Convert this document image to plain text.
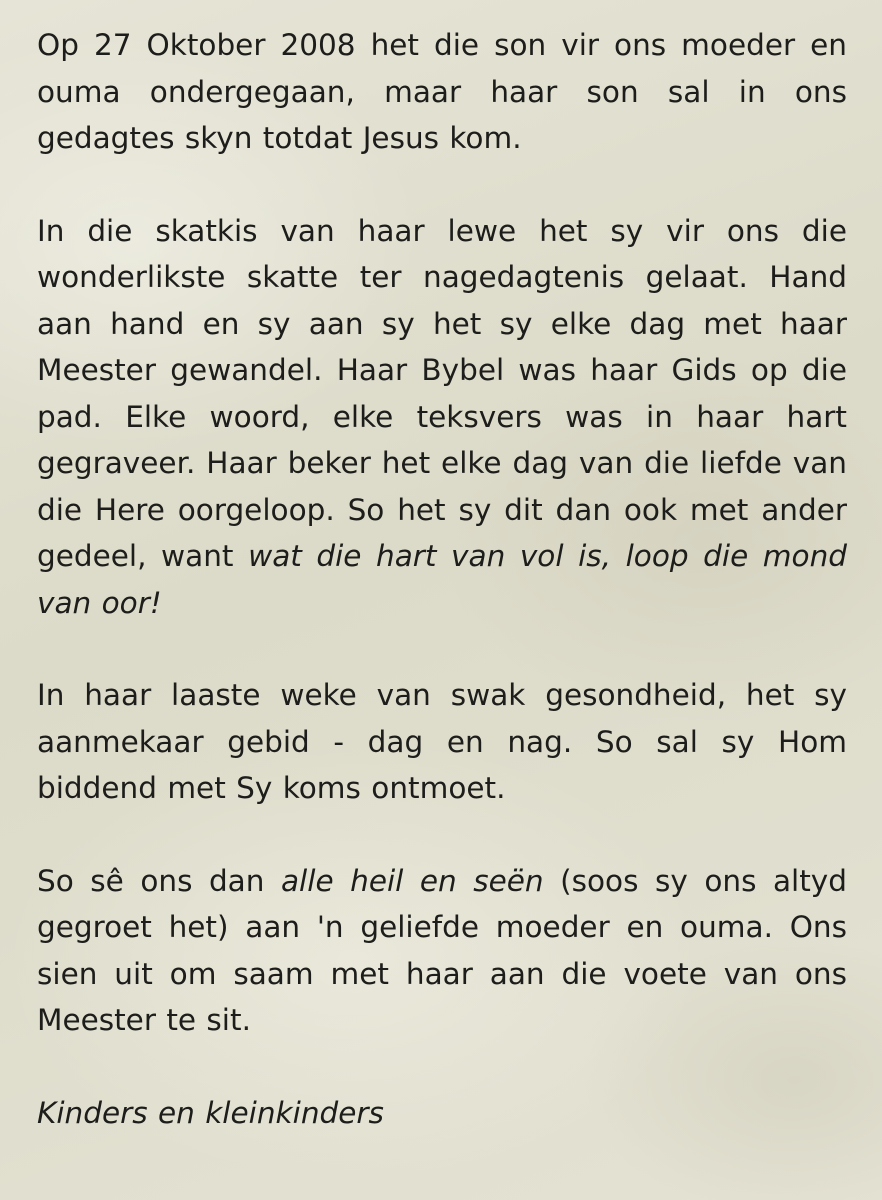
Op 27 Oktober 2008 het die son vir ons moeder en ouma ondergegaan, maar haar son sal in ons gedagtes skyn totdat Jesus kom.

In die skatkis van haar lewe het sy vir ons die wonderlikste skatte ter nagedagtenis gelaat. Hand aan hand en sy aan sy het sy elke dag met haar Meester gewandel. Haar Bybel was haar Gids op die pad. Elke woord, elke teksvers was in haar hart gegraveer. Haar beker het elke dag van die liefde van die Here oorgeloop. So het sy dit dan ook met ander gedeel, want wat die hart van vol is, loop die mond van oor!

In haar laaste weke van swak gesondheid, het sy aanmekaar gebid - dag en nag. So sal sy Hom biddend met Sy koms ontmoet.

So sê ons dan alle heil en seën (soos sy ons altyd gegroet het) aan 'n geliefde moeder en ouma. Ons sien uit om saam met haar aan die voete van ons Meester te sit.

Kinders en kleinkinders
